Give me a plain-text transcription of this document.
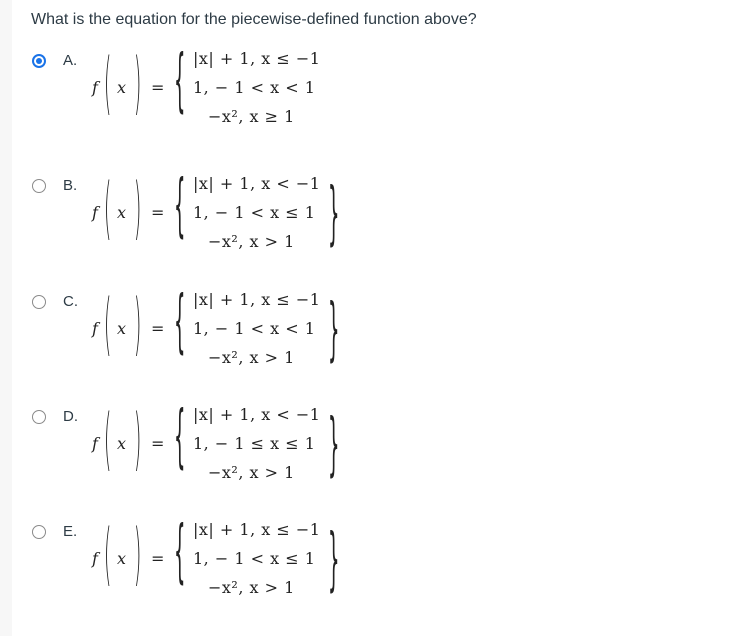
What is the equation for the piecewise-defined function above?
A.
f ( x ) = { |x| + 1, x ≤ −1
1, − 1 < x < 1
−x², x ≥ 1
B.
f ( x ) = { |x| + 1, x < −1
1, − 1 < x ≤ 1
−x², x > 1 }
C.
f ( x ) = { |x| + 1, x ≤ −1
1, − 1 < x < 1
−x², x > 1 }
D.
f ( x ) = { |x| + 1, x < −1
1, − 1 ≤ x ≤ 1
−x², x > 1 }
E.
f ( x ) = { |x| + 1, x ≤ −1
1, − 1 < x ≤ 1
−x², x > 1 }
